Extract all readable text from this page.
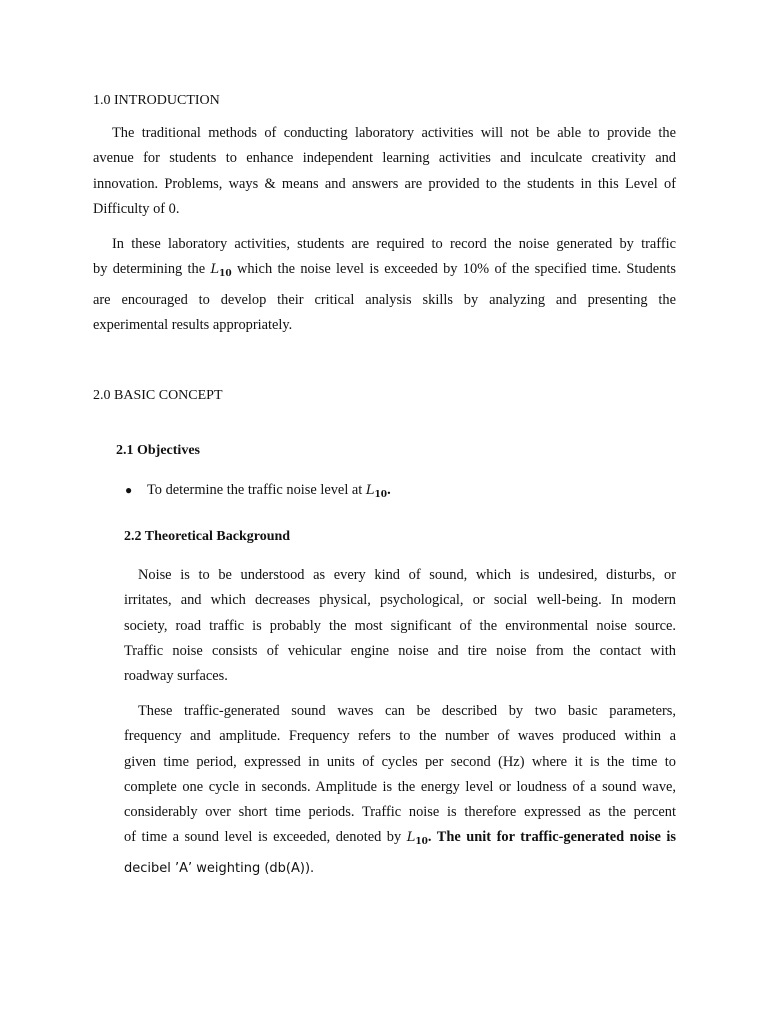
1.0 INTRODUCTION
The traditional methods of conducting laboratory activities will not be able to provide the
avenue for students to enhance independent learning activities and inculcate creativity and
innovation. Problems, ways & means and answers are provided to the students in this Level of
Difficulty of 0.
In these laboratory activities, students are required to record the noise generated by traffic
by determining the $L_{10}$ which the noise level is exceeded by 10% of the specified time. Students
are encouraged to develop their critical analysis skills by analyzing and presenting the
experimental results appropriately.
2.0 BASIC CONCEPT
2.1 Objectives
● To determine the traffic noise level at $L_{10}$.
2.2 Theoretical Background
Noise is to be understood as every kind of sound, which is undesired, disturbs, or
irritates, and which decreases physical, psychological, or social well-being. In modern
society, road traffic is probably the most significant of the environmental noise source.
Traffic noise consists of vehicular engine noise and tire noise from the contact with
roadway surfaces.
These traffic-generated sound waves can be described by two basic parameters,
frequency and amplitude. Frequency refers to the number of waves produced within a
given time period, expressed in units of cycles per second (Hz) where it is the time to
complete one cycle in seconds. Amplitude is the energy level or loudness of a sound wave,
considerably over short time periods. Traffic noise is therefore expressed as the percent
of time a sound level is exceeded, denoted by $L_{10}$. The unit for traffic-generated noise is
decibel ’A’ weighting (db(A)).
